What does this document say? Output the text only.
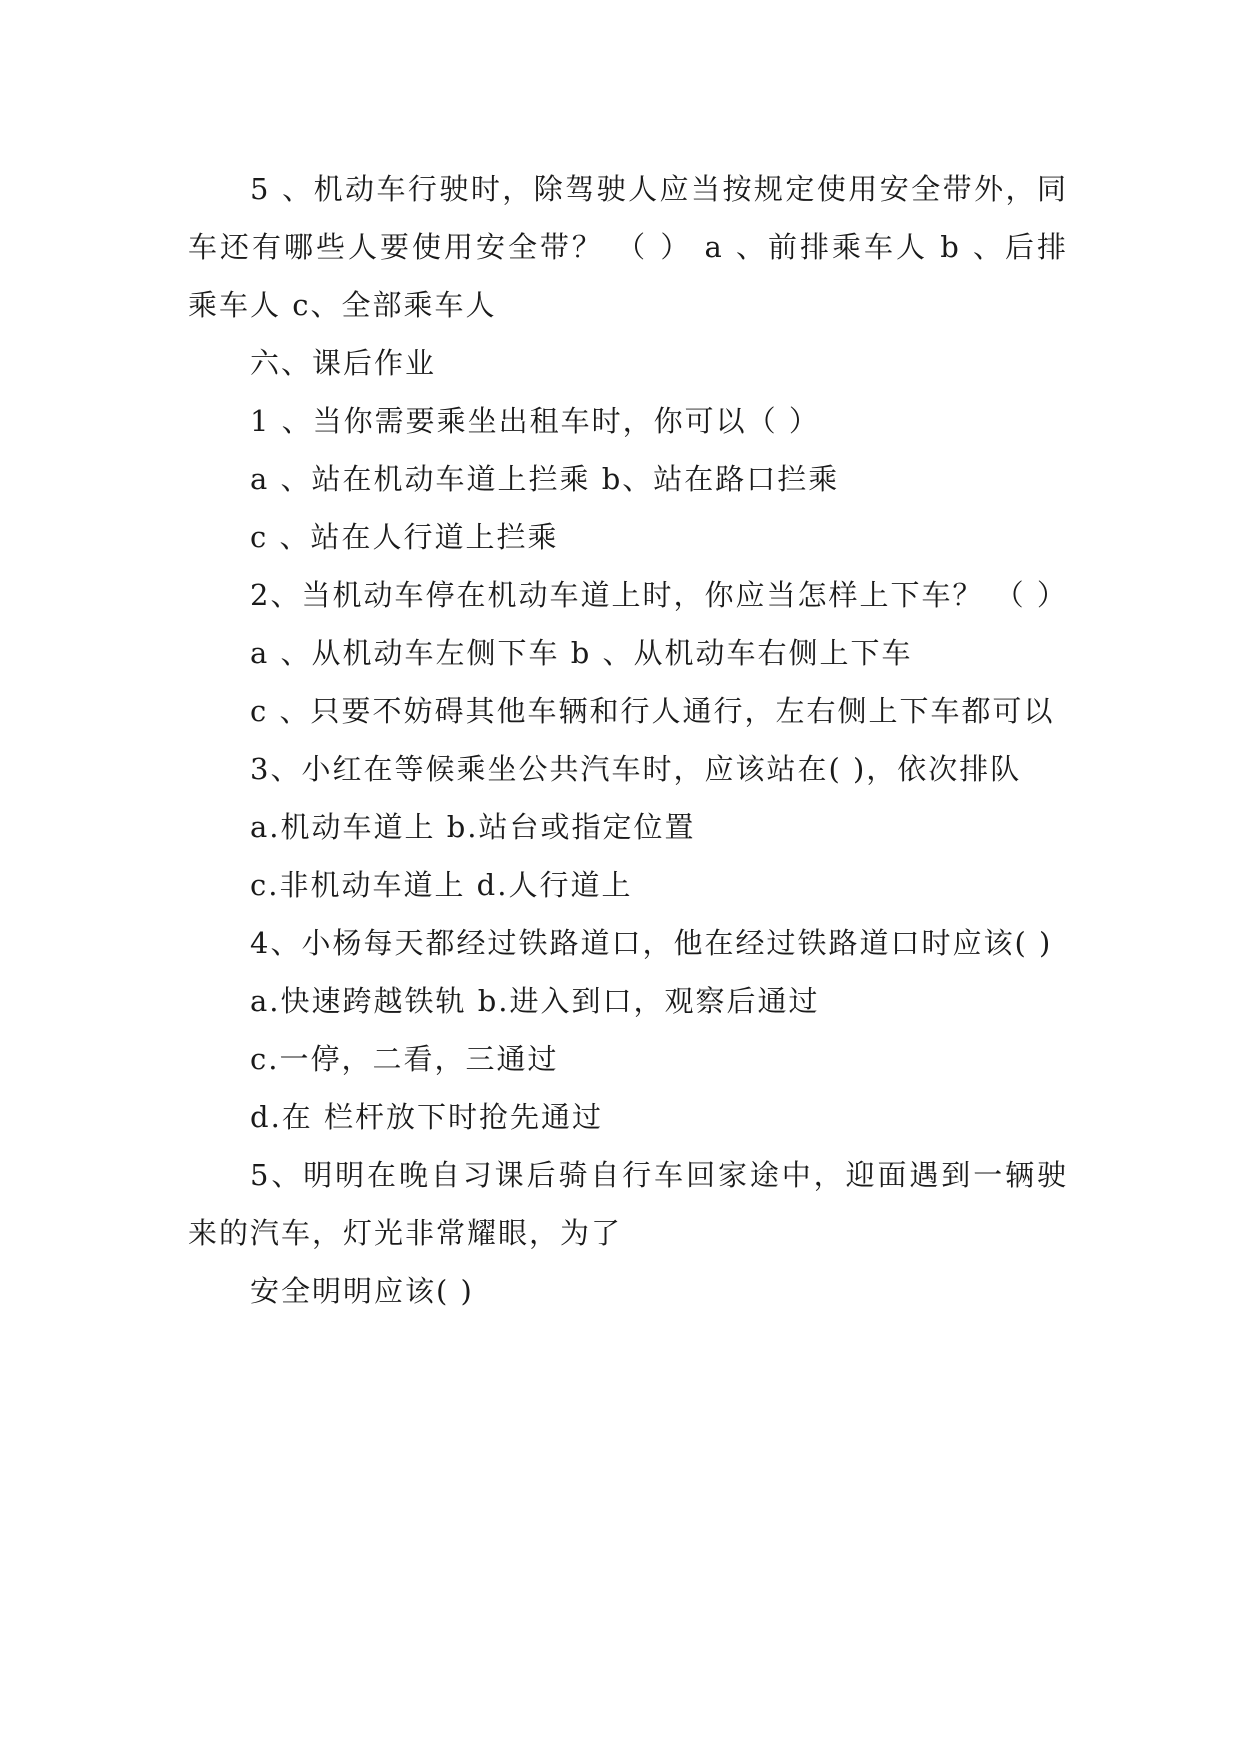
5 、机动车行驶时，除驾驶人应当按规定使用安全带外，同车还有哪些人要使用安全带？ （ ） a 、前排乘车人 b 、后排乘车人 c、全部乘车人

六、课后作业

1 、当你需要乘坐出租车时，你可以（ ）

a 、站在机动车道上拦乘 b、站在路口拦乘

c 、站在人行道上拦乘

2、当机动车停在机动车道上时，你应当怎样上下车？ （ ）

a 、从机动车左侧下车 b 、从机动车右侧上下车

c 、只要不妨碍其他车辆和行人通行，左右侧上下车都可以

3、小红在等候乘坐公共汽车时，应该站在( )，依次排队

a.机动车道上 b.站台或指定位置

c.非机动车道上 d.人行道上

4、小杨每天都经过铁路道口，他在经过铁路道口时应该( )

a.快速跨越铁轨 b.进入到口，观察后通过

c.一停，二看，三通过

d.在 栏杆放下时抢先通过

5、明明在晚自习课后骑自行车回家途中，迎面遇到一辆驶来的汽车，灯光非常耀眼，为了

安全明明应该( )
